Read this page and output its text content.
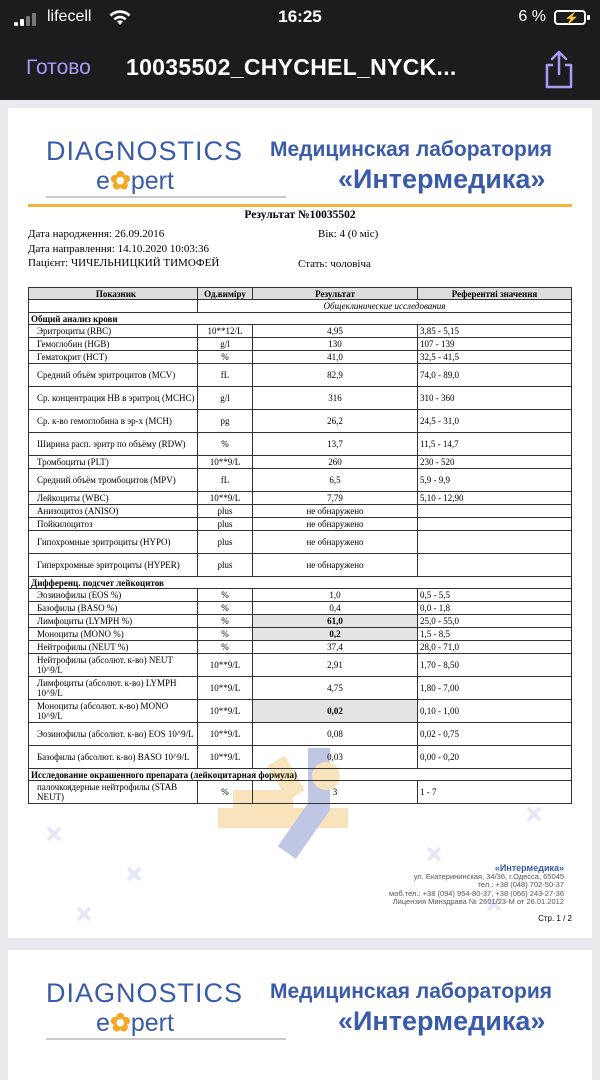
lifecell	16:25	6 % ⚡
Готово 10035502_CHYCHEL_NYCK...
DIAGNOSTICS
e✿pert
Медицинская лаборатория
«Интермедика»
Результат №10035502
Дата народження: 26.09.2016	Вік: 4 (0 міс)
Дата направлення: 14.10.2020 10:03:36
Пацієнт: ЧИЧЕЛЬНИЦКИЙ ТИМОФЕЙ	Стать: чоловіча
Показник	Од.виміру	Результат	Референтні значення
	Общеклинические исследования		
Общий анализ крови			
Эритроциты (RBC)	10**12/L	4,95	3,85 - 5,15
Гемоглобин (HGB)	g/l	130	107 - 139
Гематокрит (HCT)	%	41,0	32,5 - 41,5
Средний объём эритроцитов (MCV)	fL	82,9	74,0 - 89,0
Ср. концентрация НВ в эритроц (MCHC)	g/l	316	310 - 360
Ср. к-во гемоглобина в эр-х (MCH)	pg	26,2	24,5 - 31,0
Ширина расп. эритр по объёму (RDW)	%	13,7	11,5 - 14,7
Тромбоциты (PLT)	10**9/L	260	230 - 520
Средний объём тромбоцитов (MPV)	fL	6,5	5,9 - 9,9
Лейкоциты (WBC)	10**9/L	7,79	5,10 - 12,90
Анизоцитоз (ANISO)	plus	не обнаружено	
Пойкилоцитоз	plus	не обнаружено	
Гипохромные эритроциты (HYPO)	plus	не обнаружено	
Гиперхромные эритроциты (HYPER)	plus	не обнаружено	
Дифференц. подсчет лейкоцитов			
Эозинофилы (EOS %)	%	1,0	0,5 - 5,5
Базофилы (BASO %)	%	0,4	0,0 - 1,8
Лимфоциты (LYMPH %)	%	61,0	25,0 - 55,0
Моноциты (MONO %)	%	0,2	1,5 - 8,5
Нейтрофилы (NEUT %)	%	37,4	28,0 - 71,0
Нейтрофилы (абсолют. к-во) NEUT 10^9/L	10**9/L	2,91	1,70 - 8,50
Лимфоциты (абсолют. к-во) LYMPH 10^9/L	10**9/L	4,75	1,80 - 7,00
Моноциты (абсолют. к-во) MONO 10^9/L	10**9/L	0,02	0,10 - 1,00
Эозинофилы (абсолют. к-во) EOS 10^9/L	10**9/L	0,08	0,02 - 0,75
Базофилы (абсолют. к-во) BASO 10^9/L	10**9/L	0,03	0,00 - 0,20
Исследование окрашенного препарата (лейкоцитарная формула)			
палочкоядерные нейтрофилы (STAB NEUT)	%	3	1 - 7
«Интермедика»
ул. Екатерининская, 34/36, г.Одесса, 65045
тел.: +38 (048) 702-50-37
моб.тел.: +38 (094) 954-80-37, +38 (066) 243-27-36
Лицензия Минздрава № 2601/23-М от 26.01.2012
Стр. 1 / 2
DIAGNOSTICS
e✿pert
Медицинская лаборатория
«Интермедика»
